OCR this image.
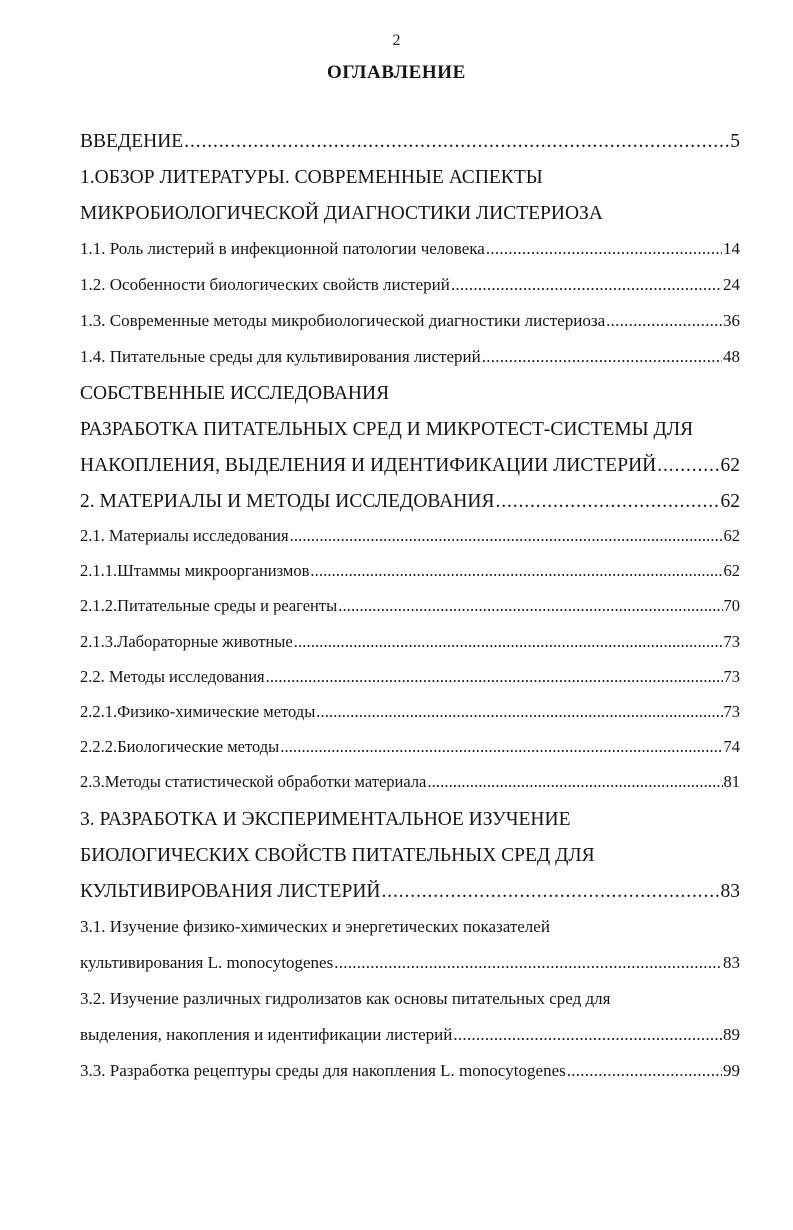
2
ОГЛАВЛЕНИЕ
ВВЕДЕНИЕ . . .	5
1.ОБЗОР ЛИТЕРАТУРЫ. СОВРЕМЕННЫЕ АСПЕКТЫ
МИКРОБИОЛОГИЧЕСКОЙ ДИАГНОСТИКИ ЛИСТЕРИОЗА
1.1. Роль листерий в инфекционной патологии человека . . .	14
1.2. Особенности биологических свойств листерий . . .	24
1.3. Современные методы микробиологической диагностики листериоза . . .	36
1.4. Питательные среды для культивирования листерий . . .	48
СОБСТВЕННЫЕ ИССЛЕДОВАНИЯ
РАЗРАБОТКА ПИТАТЕЛЬНЫХ СРЕД И МИКРОТЕСТ-СИСТЕМЫ ДЛЯ
НАКОПЛЕНИЯ, ВЫДЕЛЕНИЯ И ИДЕНТИФИКАЦИИ ЛИСТЕРИЙ . . .	62
2. МАТЕРИАЛЫ И МЕТОДЫ ИССЛЕДОВАНИЯ . . .	62
2.1. Материалы исследования . . .	62
2.1.1.Штаммы микроорганизмов . . .	62
2.1.2.Питательные среды и реагенты . . .	70
2.1.3.Лабораторные животные . . .	73
2.2. Методы исследования . . .	73
2.2.1.Физико-химические методы . . .	73
2.2.2.Биологические методы . . .	74
2.3.Методы статистической обработки материала . . .	81
3. РАЗРАБОТКА И ЭКСПЕРИМЕНТАЛЬНОЕ ИЗУЧЕНИЕ
БИОЛОГИЧЕСКИХ СВОЙСТВ ПИТАТЕЛЬНЫХ СРЕД ДЛЯ
КУЛЬТИВИРОВАНИЯ ЛИСТЕРИЙ . . .	83
3.1. Изучение физико-химических и энергетических показателей
культивирования L. monocytogenes . . .	83
3.2. Изучение различных гидролизатов как основы питательных сред для
выделения, накопления и идентификации листерий . . .	89
3.3. Разработка рецептуры среды для накопления L. monocytogenes . . .	99
